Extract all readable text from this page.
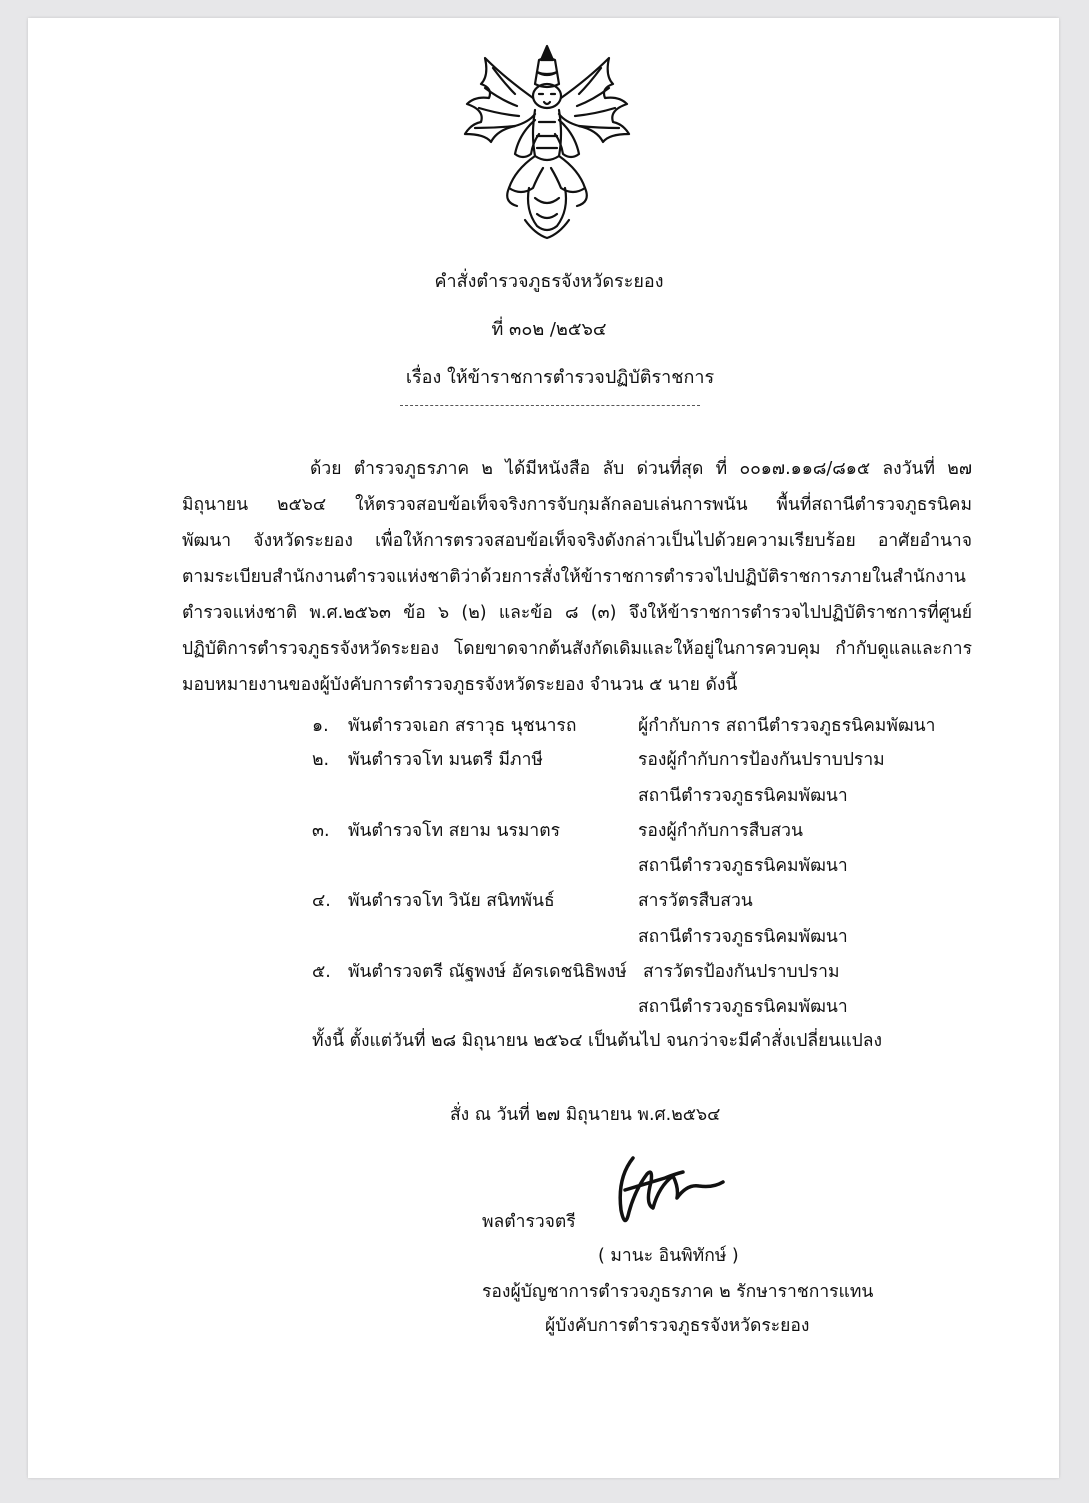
คำสั่งตำรวจภูธรจังหวัดระยอง
ที่ ๓๐๒ /๒๕๖๔
เรื่อง ให้ข้าราชการตำรวจปฏิบัติราชการ
ด้วย ตำรวจภูธรภาค ๒ ได้มีหนังสือ ลับ ด่วนที่สุด ที่ ๐๐๑๗.๑๑๘/๘๑๕ ลงวันที่ ๒๗
มิถุนายน ๒๕๖๔ ให้ตรวจสอบข้อเท็จจริงการจับกุมลักลอบเล่นการพนัน พื้นที่สถานีตำรวจภูธรนิคม
พัฒนา จังหวัดระยอง เพื่อให้การตรวจสอบข้อเท็จจริงดังกล่าวเป็นไปด้วยความเรียบร้อย อาศัยอำนาจ
ตามระเบียบสำนักงานตำรวจแห่งชาติว่าด้วยการสั่งให้ข้าราชการตำรวจไปปฏิบัติราชการภายในสำนักงาน
ตำรวจแห่งชาติ พ.ศ.๒๕๖๓ ข้อ ๖ (๒) และข้อ ๘ (๓) จึงให้ข้าราชการตำรวจไปปฏิบัติราชการที่ศูนย์
ปฏิบัติการตำรวจภูธรจังหวัดระยอง โดยขาดจากต้นสังกัดเดิมและให้อยู่ในการควบคุม กำกับดูแลและการ
มอบหมายงานของผู้บังคับการตำรวจภูธรจังหวัดระยอง จำนวน ๕ นาย ดังนี้
๑. พันตำรวจเอก สราวุธ นุชนารถ	ผู้กำกับการ สถานีตำรวจภูธรนิคมพัฒนา
๒. พันตำรวจโท มนตรี มีภาษี	รองผู้กำกับการป้องกันปราบปราม
สถานีตำรวจภูธรนิคมพัฒนา
๓. พันตำรวจโท สยาม นรมาตร	รองผู้กำกับการสืบสวน
สถานีตำรวจภูธรนิคมพัฒนา
๔. พันตำรวจโท วินัย สนิทพันธ์	สารวัตรสืบสวน
สถานีตำรวจภูธรนิคมพัฒนา
๕. พันตำรวจตรี ณัฐพงษ์ อัครเดชนิธิพงษ์ สารวัตรป้องกันปราบปราม
สถานีตำรวจภูธรนิคมพัฒนา
ทั้งนี้ ตั้งแต่วันที่ ๒๘ มิถุนายน ๒๕๖๔ เป็นต้นไป จนกว่าจะมีคำสั่งเปลี่ยนแปลง
สั่ง ณ วันที่ ๒๗ มิถุนายน พ.ศ.๒๕๖๔
พลตำรวจตรี
( มานะ อินพิทักษ์ )
รองผู้บัญชาการตำรวจภูธรภาค ๒ รักษาราชการแทน
ผู้บังคับการตำรวจภูธรจังหวัดระยอง
